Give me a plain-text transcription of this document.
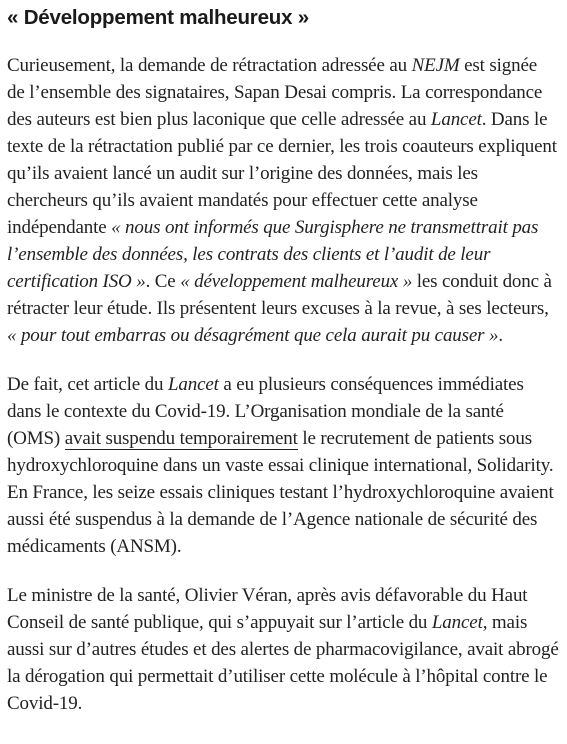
« Développement malheureux »

Curieusement, la demande de rétractation adressée au NEJM est signée de l’ensemble des signataires, Sapan Desai compris. La correspondance des auteurs est bien plus laconique que celle adressée au Lancet. Dans le texte de la rétractation publié par ce dernier, les trois coauteurs expliquent qu’ils avaient lancé un audit sur l’origine des données, mais les chercheurs qu’ils avaient mandatés pour effectuer cette analyse indépendante « nous ont informés que Surgisphere ne transmettrait pas l’ensemble des données, les contrats des clients et l’audit de leur certification ISO ». Ce « développement malheureux » les conduit donc à rétracter leur étude. Ils présentent leurs excuses à la revue, à ses lecteurs, « pour tout embarras ou désagrément que cela aurait pu causer ».

De fait, cet article du Lancet a eu plusieurs conséquences immédiates dans le contexte du Covid-19. L’Organisation mondiale de la santé (OMS) avait suspendu temporairement le recrutement de patients sous hydroxychloroquine dans un vaste essai clinique international, Solidarity. En France, les seize essais cliniques testant l’hydroxychloroquine avaient aussi été suspendus à la demande de l’Agence nationale de sécurité des médicaments (ANSM).

Le ministre de la santé, Olivier Véran, après avis défavorable du Haut Conseil de santé publique, qui s’appuyait sur l’article du Lancet, mais aussi sur d’autres études et des alertes de pharmacovigilance, avait abrogé la dérogation qui permettait d’utiliser cette molécule à l’hôpital contre le Covid-19.
